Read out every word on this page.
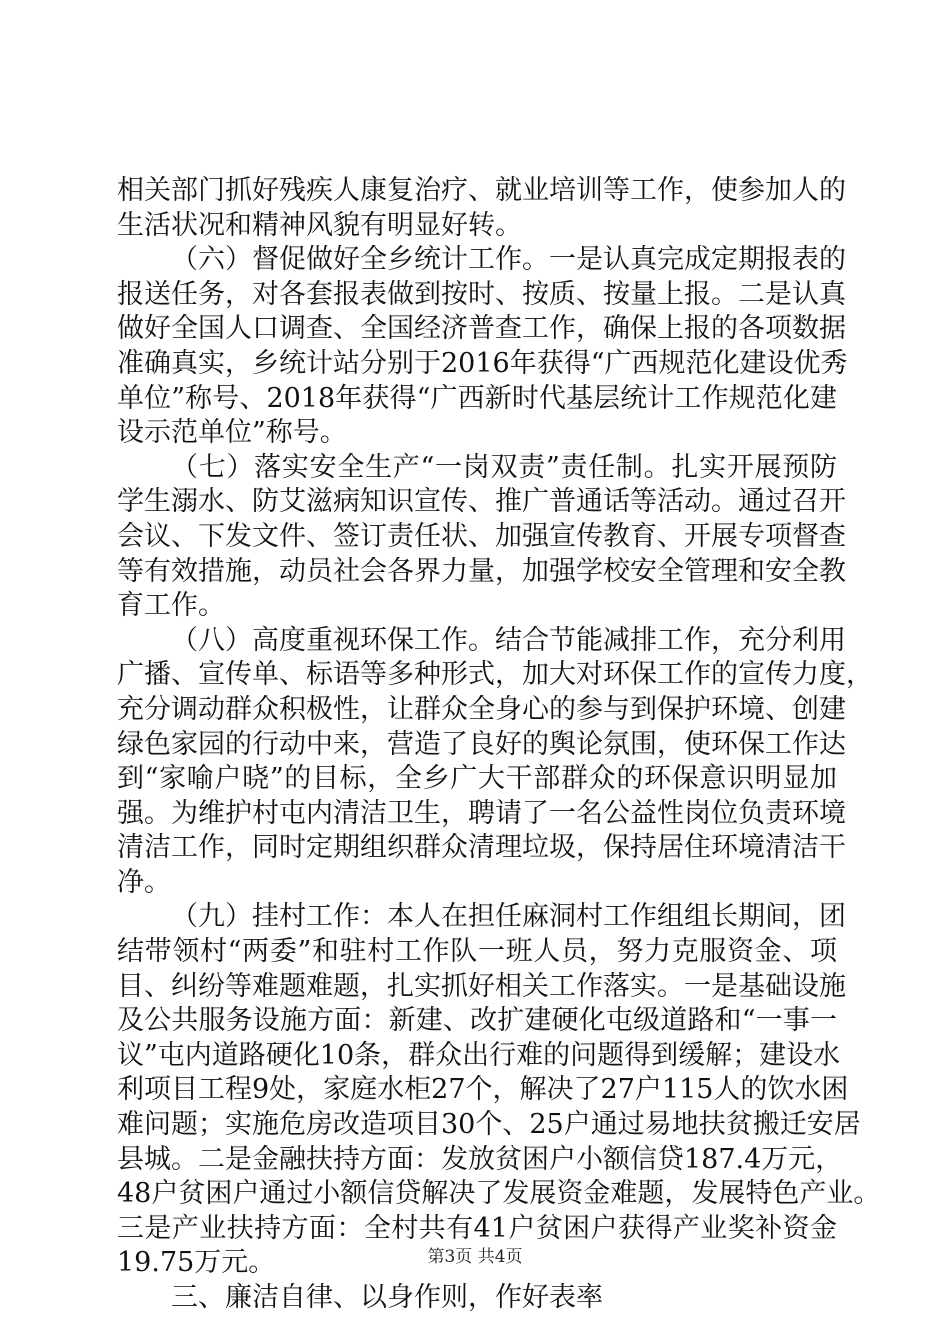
相关部门抓好残疾人康复治疗、就业培训等工作，使参加人的
生活状况和精神风貌有明显好转。
（六）督促做好全乡统计工作。一是认真完成定期报表的
报送任务，对各套报表做到按时、按质、按量上报。二是认真
做好全国人口调查、全国经济普查工作，确保上报的各项数据
准确真实，乡统计站分别于2016年获得“广西规范化建设优秀
单位”称号、2018年获得“广西新时代基层统计工作规范化建
设示范单位”称号。
（七）落实安全生产“一岗双责”责任制。扎实开展预防
学生溺水、防艾滋病知识宣传、推广普通话等活动。通过召开
会议、下发文件、签订责任状、加强宣传教育、开展专项督查
等有效措施，动员社会各界力量，加强学校安全管理和安全教
育工作。
（八）高度重视环保工作。结合节能减排工作，充分利用
广播、宣传单、标语等多种形式，加大对环保工作的宣传力度，
充分调动群众积极性，让群众全身心的参与到保护环境、创建
绿色家园的行动中来，营造了良好的舆论氛围，使环保工作达
到“家喻户晓”的目标，全乡广大干部群众的环保意识明显加
强。为维护村屯内清洁卫生，聘请了一名公益性岗位负责环境
清洁工作，同时定期组织群众清理垃圾，保持居住环境清洁干
净。
（九）挂村工作：本人在担任麻洞村工作组组长期间，团
结带领村“两委”和驻村工作队一班人员，努力克服资金、项
目、纠纷等难题难题，扎实抓好相关工作落实。一是基础设施
及公共服务设施方面：新建、改扩建硬化屯级道路和“一事一
议”屯内道路硬化10条，群众出行难的问题得到缓解；建设水
利项目工程9处，家庭水柜27个，解决了27户115人的饮水困
难问题；实施危房改造项目30个、25户通过易地扶贫搬迁安居
县城。二是金融扶持方面：发放贫困户小额信贷187.4万元，
48户贫困户通过小额信贷解决了发展资金难题，发展特色产业。
三是产业扶持方面：全村共有41户贫困户获得产业奖补资金
19.75万元。
三、廉洁自律、以身作则，作好表率
第3页 共4页
